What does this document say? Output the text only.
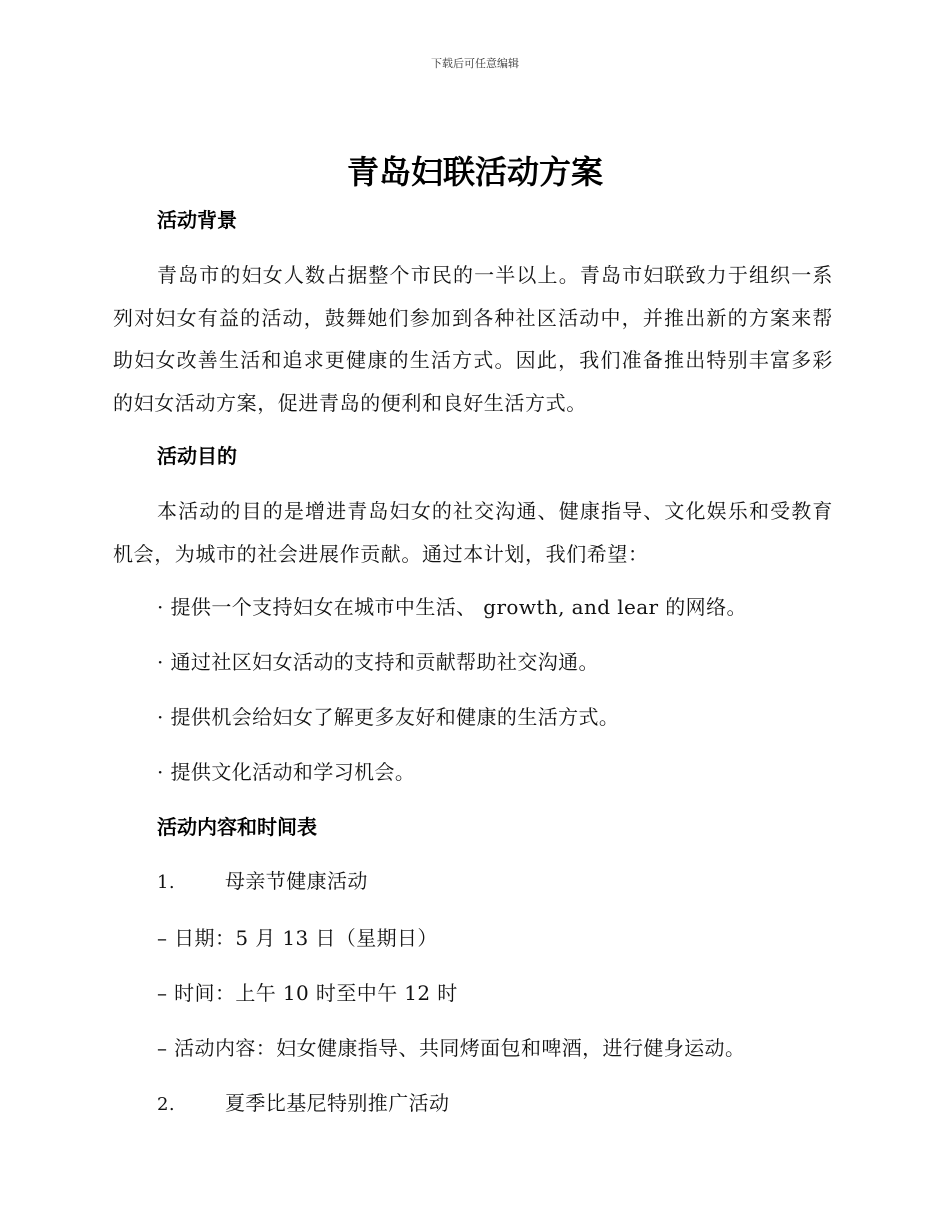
下载后可任意编辑
青岛妇联活动方案
活动背景
青岛市的妇女人数占据整个市民的一半以上。青岛市妇联致力于组织一系列对妇女有益的活动，鼓舞她们参加到各种社区活动中，并推出新的方案来帮助妇女改善生活和追求更健康的生活方式。因此，我们准备推出特别丰富多彩的妇女活动方案，促进青岛的便利和良好生活方式。
活动目的
本活动的目的是增进青岛妇女的社交沟通、健康指导、文化娱乐和受教育机会，为城市的社会进展作贡献。通过本计划，我们希望：
· 提供一个支持妇女在城市中生活、 growth, and lear 的网络。
· 通过社区妇女活动的支持和贡献帮助社交沟通。
· 提供机会给妇女了解更多友好和健康的生活方式。
· 提供文化活动和学习机会。
活动内容和时间表
1.	母亲节健康活动
– 日期：5 月 13 日（星期日）
– 时间：上午 10 时至中午 12 时
– 活动内容：妇女健康指导、共同烤面包和啤酒，进行健身运动。
2.	夏季比基尼特别推广活动
